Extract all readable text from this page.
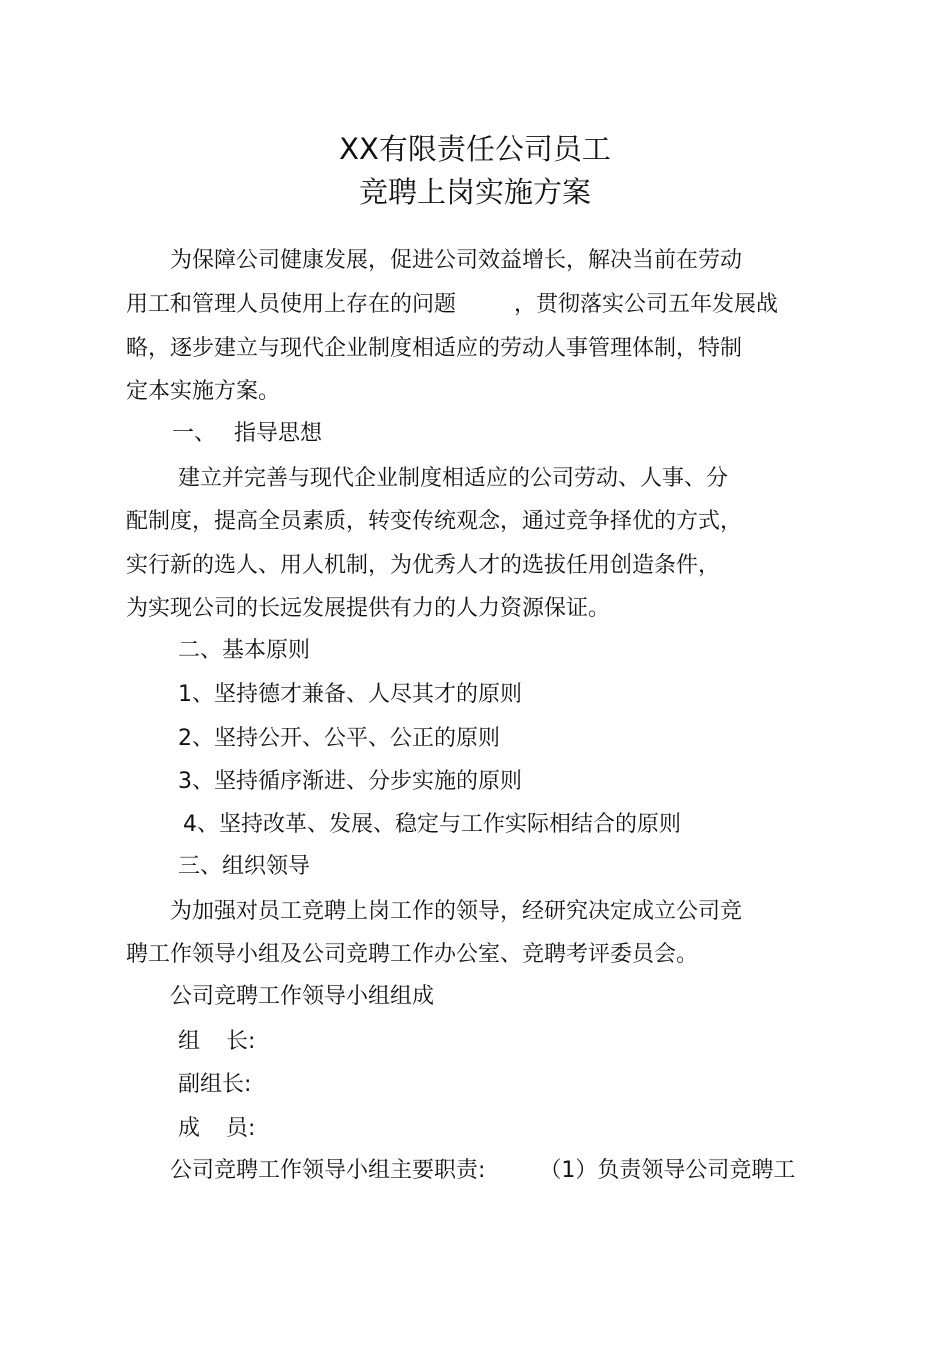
XX有限责任公司员工
竞聘上岗实施方案
为保障公司健康发展，促进公司效益增长，解决当前在劳动
用工和管理人员使用上存在的问题	，贯彻落实公司五年发展战
略，逐步建立与现代企业制度相适应的劳动人事管理体制，特制
定本实施方案。
一、 指导思想
建立并完善与现代企业制度相适应的公司劳动、人事、分
配制度，提高全员素质，转变传统观念，通过竞争择优的方式，
实行新的选人、用人机制，为优秀人才的选拔任用创造条件，
为实现公司的长远发展提供有力的人力资源保证。
二、基本原则
1、坚持德才兼备、人尽其才的原则
2、坚持公开、公平、公正的原则
3、坚持循序渐进、分步实施的原则
4、坚持改革、发展、稳定与工作实际相结合的原则
三、组织领导
为加强对员工竞聘上岗工作的领导，经研究决定成立公司竞
聘工作领导小组及公司竞聘工作办公室、竞聘考评委员会。
公司竞聘工作领导小组组成
组 长:
副组长:
成 员:
公司竞聘工作领导小组主要职责: （1）负责领导公司竞聘工
